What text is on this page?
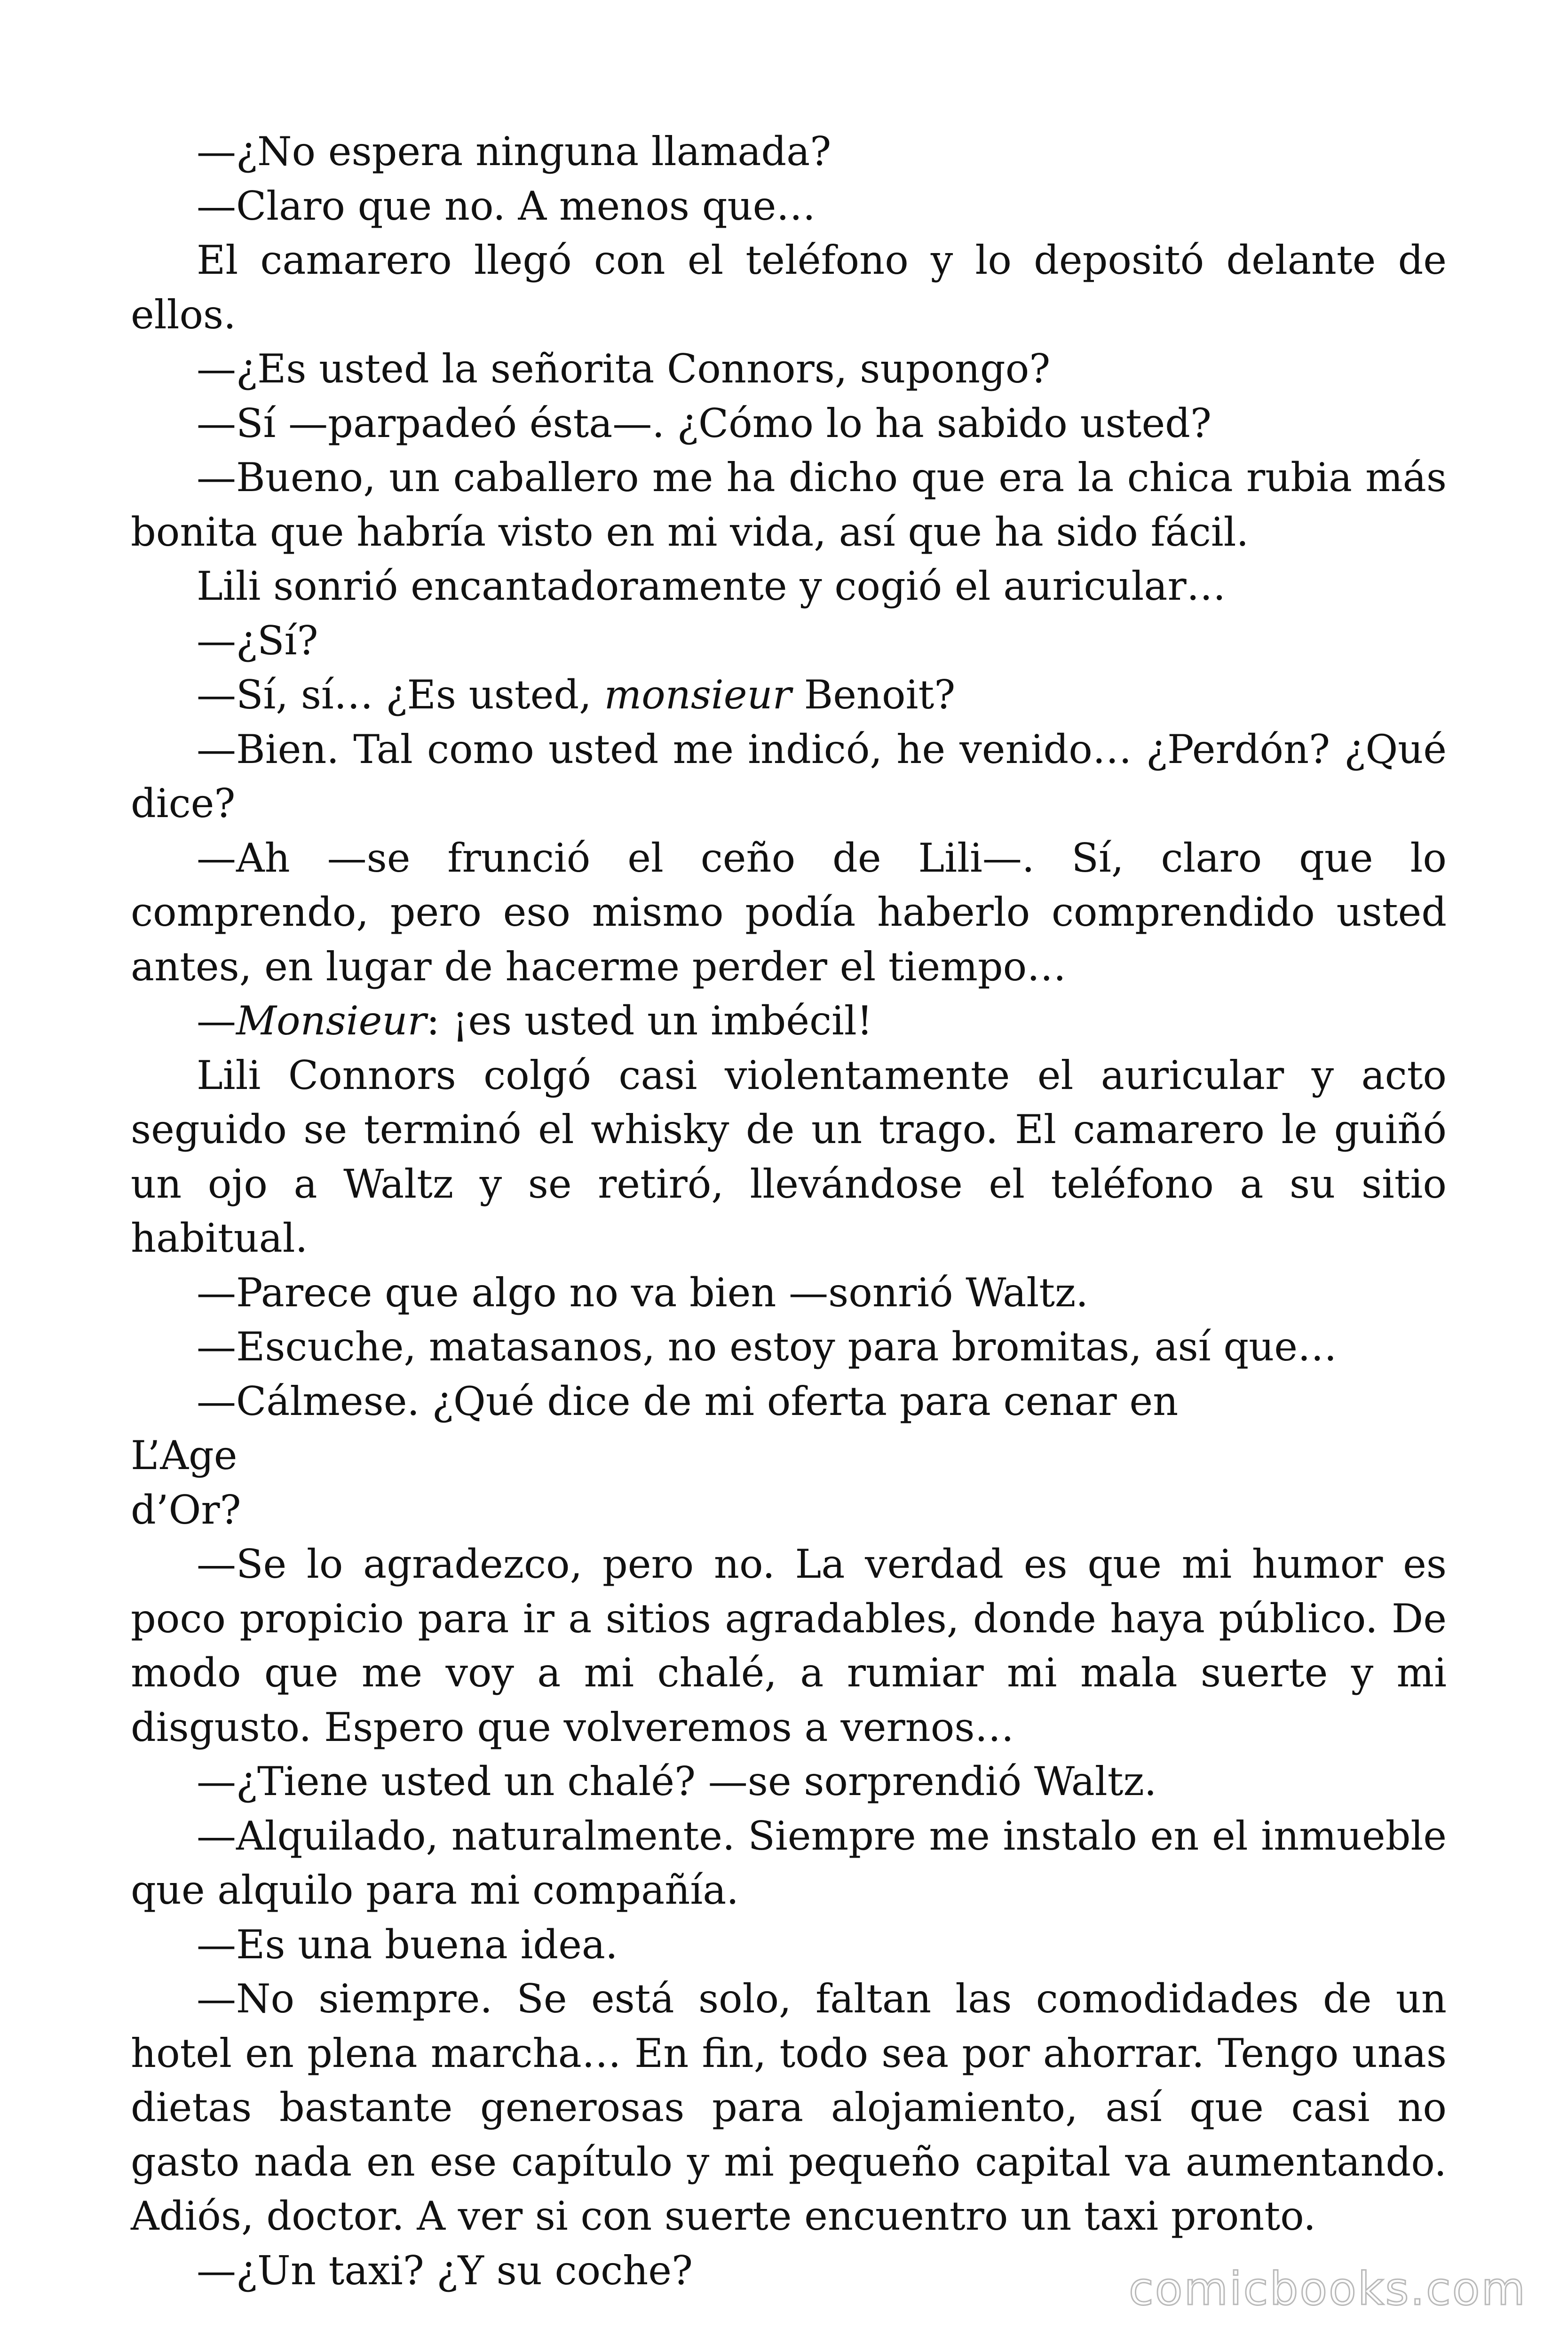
—¿No espera ninguna llamada?

—Claro que no. A menos que…

El camarero llegó con el teléfono y lo depositó delante de ellos.

—¿Es usted la señorita Connors, supongo?

—Sí —parpadeó ésta—. ¿Cómo lo ha sabido usted?

—Bueno, un caballero me ha dicho que era la chica rubia más bonita que habría visto en mi vida, así que ha sido fácil.

Lili sonrió encantadoramente y cogió el auricular…

—¿Sí?

—Sí, sí… ¿Es usted, monsieur Benoit?

—Bien. Tal como usted me indicó, he venido… ¿Perdón? ¿Qué dice?

—Ah —se frunció el ceño de Lili—. Sí, claro que lo comprendo, pero eso mismo podía haberlo comprendido usted antes, en lugar de hacerme perder el tiempo…

—Monsieur: ¡es usted un imbécil!

Lili Connors colgó casi violentamente el auricular y acto seguido se terminó el whisky de un trago. El camarero le guiñó un ojo a Waltz y se retiró, llevándose el teléfono a su sitio habitual.

—Parece que algo no va bien —sonrió Waltz.

—Escuche, matasanos, no estoy para bromitas, así que…

—Cálmese. ¿Qué dice de mi oferta para cenar en

L’Age

d’Or?

—Se lo agradezco, pero no. La verdad es que mi humor es poco propicio para ir a sitios agradables, donde haya público. De modo que me voy a mi chalé, a rumiar mi mala suerte y mi disgusto. Espero que volveremos a vernos…

—¿Tiene usted un chalé? —se sorprendió Waltz.

—Alquilado, naturalmente. Siempre me instalo en el inmueble que alquilo para mi compañía.

—Es una buena idea.

—No siempre. Se está solo, faltan las comodidades de un hotel en plena marcha… En fin, todo sea por ahorrar. Tengo unas dietas bastante generosas para alojamiento, así que casi no gasto nada en ese capítulo y mi pequeño capital va aumentando. Adiós, doctor. A ver si con suerte encuentro un taxi pronto.

—¿Un taxi? ¿Y su coche?	comicbooks.com
